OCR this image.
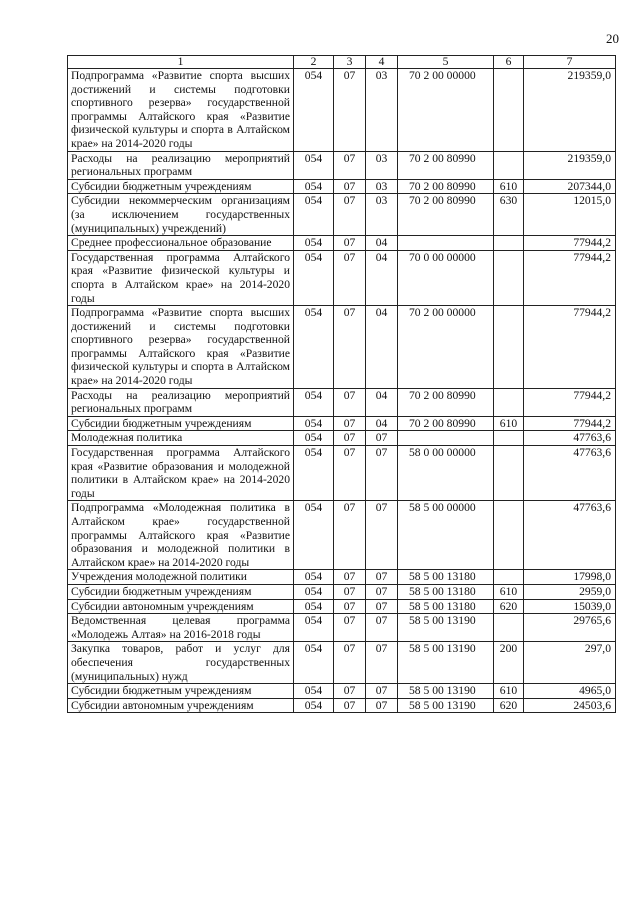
20
1	2	3	4	5	6	7
Подпрограмма «Развитие спорта высших достижений и системы подготовки спортивного резерва» государственной программы Алтайского края «Развитие физической культуры и спорта в Алтайском крае» на 2014-2020 годы	054	07	03	70 2 00 00000		219359,0
Расходы на реализацию мероприятий региональных программ	054	07	03	70 2 00 80990		219359,0
Субсидии бюджетным учреждениям	054	07	03	70 2 00 80990	610	207344,0
Субсидии некоммерческим организациям (за исключением государственных (муниципальных) учреждений)	054	07	03	70 2 00 80990	630	12015,0
Среднее профессиональное образование	054	07	04			77944,2
Государственная программа Алтайского края «Развитие физической культуры и спорта в Алтайском крае» на 2014-2020 годы	054	07	04	70 0 00 00000		77944,2
Подпрограмма «Развитие спорта высших достижений и системы подготовки спортивного резерва» государственной программы Алтайского края «Развитие физической культуры и спорта в Алтайском крае» на 2014-2020 годы	054	07	04	70 2 00 00000		77944,2
Расходы на реализацию мероприятий региональных программ	054	07	04	70 2 00 80990		77944,2
Субсидии бюджетным учреждениям	054	07	04	70 2 00 80990	610	77944,2
Молодежная политика	054	07	07			47763,6
Государственная программа Алтайского края «Развитие образования и молодежной политики в Алтайском крае» на 2014-2020 годы	054	07	07	58 0 00 00000		47763,6
Подпрограмма «Молодежная политика в Алтайском крае» государственной программы Алтайского края «Развитие образования и молодежной политики в Алтайском крае» на 2014-2020 годы	054	07	07	58 5 00 00000		47763,6
Учреждения молодежной политики	054	07	07	58 5 00 13180		17998,0
Субсидии бюджетным учреждениям	054	07	07	58 5 00 13180	610	2959,0
Субсидии автономным учреждениям	054	07	07	58 5 00 13180	620	15039,0
Ведомственная целевая программа «Молодежь Алтая» на 2016-2018 годы	054	07	07	58 5 00 13190		29765,6
Закупка товаров, работ и услуг для обеспечения государственных (муниципальных) нужд	054	07	07	58 5 00 13190	200	297,0
Субсидии бюджетным учреждениям	054	07	07	58 5 00 13190	610	4965,0
Субсидии автономным учреждениям	054	07	07	58 5 00 13190	620	24503,6
